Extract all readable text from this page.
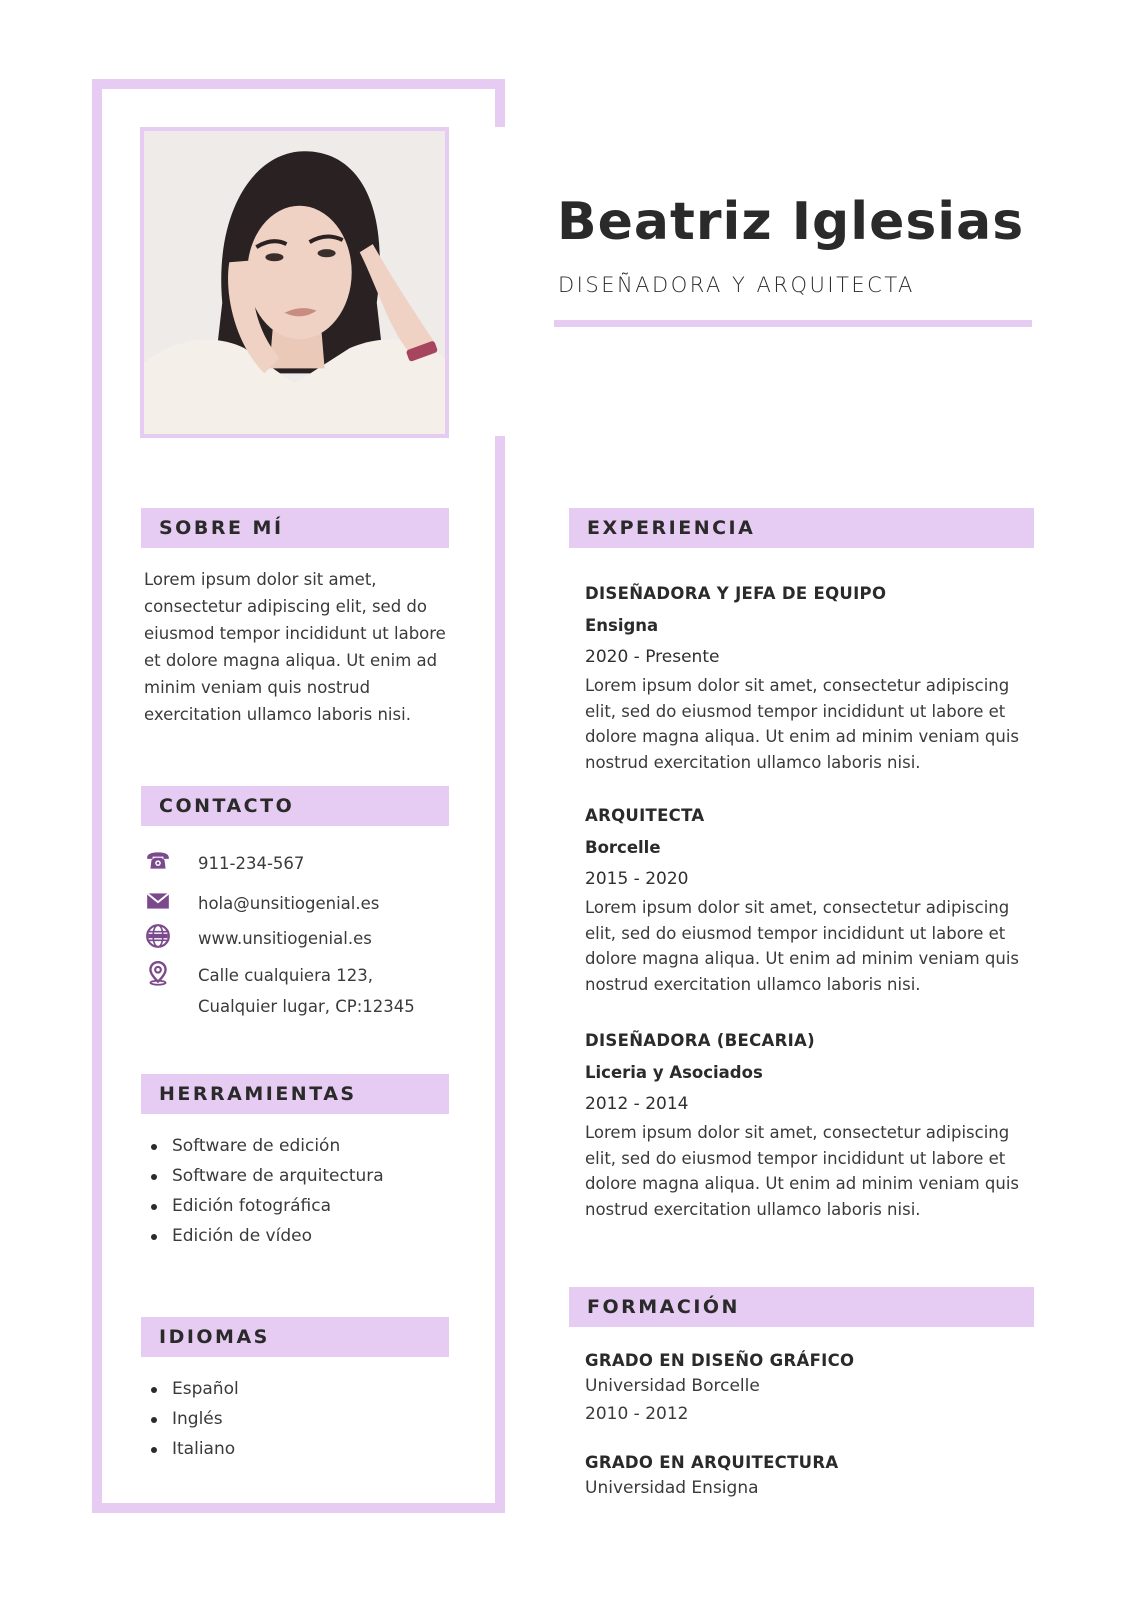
Beatriz Iglesias
DISEÑADORA Y ARQUITECTA
SOBRE MÍ

Lorem ipsum dolor sit amet, consectetur adipiscing elit, sed do eiusmod tempor incididunt ut labore et dolore magna aliqua. Ut enim ad minim veniam quis nostrud exercitation ullamco laboris nisi.

CONTACTO
911-234-567
hola@unsitiogenial.es
www.unsitiogenial.es
Calle cualquiera 123,
Cualquier lugar, CP:12345
HERRAMIENTAS
Software de edición
Software de arquitectura
Edición fotográfica
Edición de vídeo
IDIOMAS
Español
Inglés
Italiano
EXPERIENCIA
DISEÑADORA Y JEFA DE EQUIPO
Ensigna
2020 - Presente
Lorem ipsum dolor sit amet, consectetur adipiscing elit, sed do eiusmod tempor incididunt ut labore et dolore magna aliqua. Ut enim ad minim veniam quis nostrud exercitation ullamco laboris nisi.
ARQUITECTA
Borcelle
2015 - 2020
Lorem ipsum dolor sit amet, consectetur adipiscing elit, sed do eiusmod tempor incididunt ut labore et dolore magna aliqua. Ut enim ad minim veniam quis nostrud exercitation ullamco laboris nisi.
DISEÑADORA (BECARIA)
Liceria y Asociados
2012 - 2014
Lorem ipsum dolor sit amet, consectetur adipiscing elit, sed do eiusmod tempor incididunt ut labore et dolore magna aliqua. Ut enim ad minim veniam quis nostrud exercitation ullamco laboris nisi.
FORMACIÓN
GRADO EN DISEÑO GRÁFICO
Universidad Borcelle
2010 - 2012
GRADO EN ARQUITECTURA
Universidad Ensigna
